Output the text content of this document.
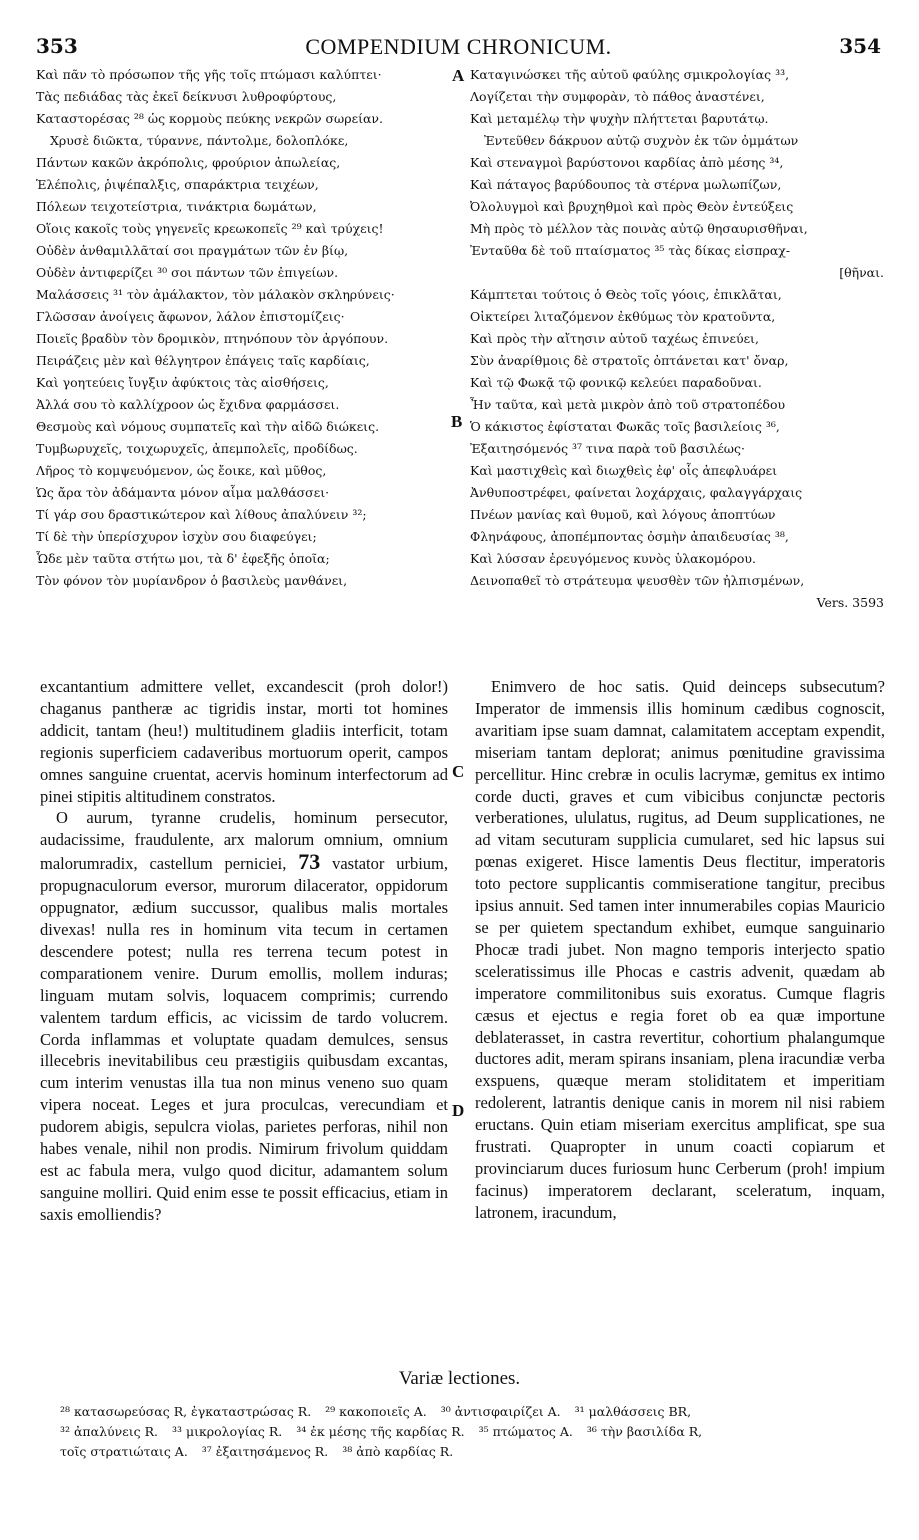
353	COMPENDIUM CHRONICUM.	354
Καὶ πᾶν τὸ πρόσωπον τῆς γῆς τοῖς πτώμασι καλύπτει·
Τὰς πεδιάδας τὰς ἐκεῖ δείκνυσι λυθροφύρτους,
Καταστορέσας ²⁸ ὡς κορμοὺς πεύκης νεκρῶν σωρείαν.
Χρυσὲ διῶκτα, τύραννε, πάντολμε, δολοπλόκε,
Πάντων κακῶν ἀκρόπολις, φρούριον ἀπωλείας,
Ἑλέπολις, ῥιψέπαλξις, σπαράκτρια τειχέων,
Πόλεων τειχοτείστρια, τινάκτρια δωμάτων,
Οἵοις κακοῖς τοὺς γηγενεῖς κρεωκοπεῖς ²⁹ καὶ τρύχεις!
Οὐδὲν ἀνθαμιλλᾶταί σοι πραγμάτων τῶν ἐν βίῳ,
Οὐδὲν ἀντιφερίζει ³⁰ σοι πάντων τῶν ἐπιγείων.
Μαλάσσεις ³¹ τὸν ἀμάλακτον, τὸν μάλακὸν σκληρύνεις·
Γλῶσσαν ἀνοίγεις ἄφωνον, λάλον ἐπιστομίζεις·
Ποιεῖς βραδὺν τὸν δρομικὸν, πτηνόπουν τὸν ἀργόπουν.
Πειράζεις μὲν καὶ θέλγητρον ἐπάγεις ταῖς καρδίαις,
Καὶ γοητεύεις ἴυγξιν ἀφύκτοις τὰς αἰσθήσεις,
Ἀλλά σου τὸ καλλίχροον ὡς ἔχιδνα φαρμάσσει.
Θεσμοὺς καὶ νόμους συμπατεῖς καὶ τὴν αἰδῶ διώκεις.
Τυμβωρυχεῖς, τοιχωρυχεῖς, ἀπεμπολεῖς, προδίδως.
Λῆρος τὸ κομψευόμενον, ὡς ἔοικε, καὶ μῦθος,
Ὡς ἄρα τὸν ἀδάμαντα μόνον αἷμα μαλθάσσει·
Τί γάρ σου δραστικώτερον καὶ λίθους ἀπαλύνειν ³²;
Τί δὲ τὴν ὑπερίσχυρον ἰσχὺν σου διαφεύγει;
Ὧδε μὲν ταῦτα στήτω μοι, τὰ δ' ἐφεξῆς ὁποῖα;
Τὸν φόνον τὸν μυρίανδρον ὁ βασιλεὺς μανθάνει,
Καταγινώσκει τῆς αὐτοῦ φαύλης σμικρολογίας ³³,
Λογίζεται τὴν συμφορὰν, τὸ πάθος ἀναστένει,
Καὶ μεταμέλῳ τὴν ψυχὴν πλήττεται βαρυτάτῳ.
Ἐντεῦθεν δάκρυον αὐτῷ συχνὸν ἐκ τῶν ὀμμάτων
Καὶ στεναγμοὶ βαρύστονοι καρδίας ἀπὸ μέσης ³⁴,
Καὶ πάταγος βαρύδουπος τὰ στέρνα μωλωπίζων,
Ὀλολυγμοὶ καὶ βρυχηθμοὶ καὶ πρὸς Θεὸν ἐντεύξεις
Μὴ πρὸς τὸ μέλλον τὰς ποινὰς αὐτῷ θησαυρισθῆναι,
Ἐνταῦθα δὲ τοῦ πταίσματος ³⁵ τὰς δίκας εἰσπραχ-
[θῆναι.
Κάμπτεται τούτοις ὁ Θεὸς τοῖς γόοις, ἐπικλᾶται,
Οἰκτείρει λιταζόμενον ἐκθύμως τὸν κρατοῦντα,
Καὶ πρὸς τὴν αἴτησιν αὐτοῦ ταχέως ἐπινεύει,
Σὺν ἀναρίθμοις δὲ στρατοῖς ὀπτάνεται κατ' ὄναρ,
Καὶ τῷ Φωκᾷ τῷ φονικῷ κελεύει παραδοῦναι.
Ἦν ταῦτα, καὶ μετὰ μικρὸν ἀπὸ τοῦ στρατοπέδου
Ὁ κάκιστος ἐφίσταται Φωκᾶς τοῖς βασιλείοις ³⁶,
Ἐξαιτησόμενός ³⁷ τινα παρὰ τοῦ βασιλέως·
Καὶ μαστιχθεὶς καὶ διωχθεὶς ἐφ' οἷς ἀπεφλυάρει
Ἀνθυποστρέφει, φαίνεται λοχάρχαις, φαλαγγάρχαις
Πνέων μανίας καὶ θυμοῦ, καὶ λόγους ἀποπτύων
Φληνάφους, ἀποπέμποντας ὀσμὴν ἀπαιδευσίας ³⁸,
Καὶ λύσσαν ἐρευγόμενος κυνὸς ὑλακομόρου.
Δεινοπαθεῖ τὸ στράτευμα ψευσθὲν τῶν ἠλπισμένων,
Vers. 3593
A
B
C
D

excantantium admittere vellet, excandescit (proh dolor!) chaganus pantheræ ac tigridis instar, morti tot homines addicit, tantam (heu!) multitudinem gladiis interficit, totam regionis superficiem cadaveribus mortuorum operit, campos omnes sanguine cruentat, acervis hominum interfectorum ad pinei stipitis altitudinem constratos.

O aurum, tyranne crudelis, hominum persecutor, audacissime, fraudulente, arx malorum omnium, omnium malorumradix, castellum perniciei, 73 vastator urbium, propugnaculorum eversor, murorum dilacerator, oppidorum oppugnator, ædium succussor, qualibus malis mortales divexas! nulla res in hominum vita tecum in certamen descendere potest; nulla res terrena tecum potest in comparationem venire. Durum emollis, mollem induras; linguam mutam solvis, loquacem comprimis; currendo valentem tardum efficis, ac vicissim de tardo volucrem. Corda inflammas et voluptate quadam demulces, sensus illecebris inevitabilibus ceu præstigiis quibusdam excantas, cum interim venustas illa tua non minus veneno suo quam vipera noceat. Leges et jura proculcas, verecundiam et pudorem abigis, sepulcra violas, parietes perforas, nihil non habes venale, nihil non prodis. Nimirum frivolum quiddam est ac fabula mera, vulgo quod dicitur, adamantem solum sanguine molliri. Quid enim esse te possit efficacius, etiam in saxis emolliendis?

Enimvero de hoc satis. Quid deinceps subsecutum? Imperator de immensis illis hominum cædibus cognoscit, avaritiam ipse suam damnat, calamitatem acceptam expendit, miseriam tantam deplorat; animus pœnitudine gravissima percellitur. Hinc crebræ in oculis lacrymæ, gemitus ex intimo corde ducti, graves et cum vibicibus conjunctæ pectoris verberationes, ululatus, rugitus, ad Deum supplicationes, ne ad vitam secuturam supplicia cumularet, sed hic lapsus sui pœnas exigeret. Hisce lamentis Deus flectitur, imperatoris toto pectore supplicantis commiseratione tangitur, precibus ipsius annuit. Sed tamen inter innumerabiles copias Mauricio se per quietem spectandum exhibet, eumque sanguinario Phocæ tradi jubet. Non magno temporis interjecto spatio sceleratissimus ille Phocas e castris advenit, quædam ab imperatore commilitonibus suis exoratus. Cumque flagris cæsus et ejectus e regia foret ob ea quæ importune deblaterasset, in castra revertitur, cohortium phalangumque ductores adit, meram spirans insaniam, plena iracundiæ verba exspuens, quæque meram stoliditatem et imperitiam redolerent, latrantis denique canis in morem nil nisi rabiem eructans. Quin etiam miseriam exercitus amplificat, spe sua frustrati. Quapropter in unum coacti copiarum et provinciarum duces furiosum hunc Cerberum (proh! impium facinus) imperatorem declarant, sceleratum, inquam, latronem, iracundum,

Variæ lectiones.
²⁸ κατασωρεύσας R, ἐγκαταστρώσας R. ²⁹ κακοποιεῖς A. ³⁰ ἀντισφαιρίζει A. ³¹ μαλθάσσεις BR,
³² ἀπαλύνεις R. ³³ μικρολογίας R. ³⁴ ἐκ μέσης τῆς καρδίας R. ³⁵ πτώματος A. ³⁶ τὴν βασιλίδα R,
τοῖς στρατιώταις A. ³⁷ ἐξαιτησάμενος R. ³⁸ ἀπὸ καρδίας R.
